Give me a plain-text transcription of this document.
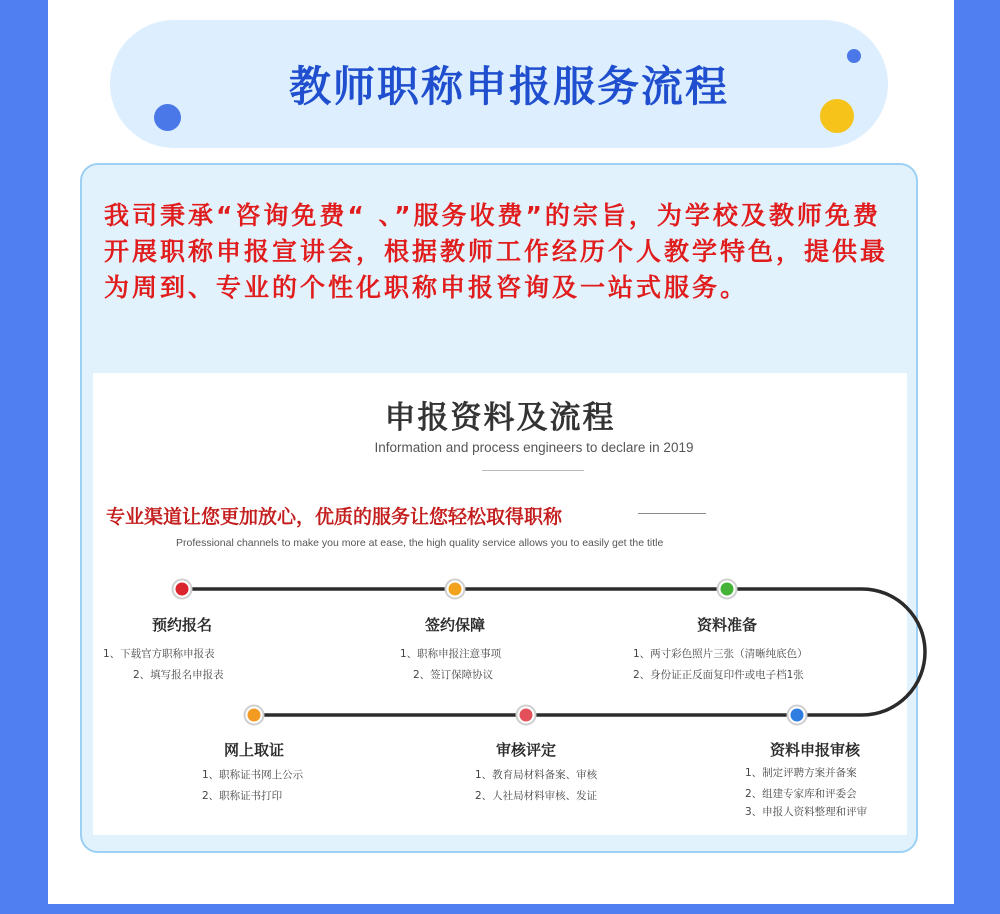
教师职称申报服务流程
我司秉承“咨询免费“ 、”服务收费”的宗旨，为学校及教师免费开展职称申报宣讲会，根据教师工作经历个人教学特色，提供最为周到、专业的个性化职称申报咨询及一站式服务。
申报资料及流程
Information and process engineers to declare in 2019
专业渠道让您更加放心，优质的服务让您轻松取得职称
Professional channels to make you more at ease, the high quality service allows you to easily get the title
预约报名
1、下载官方职称申报表
2、填写报名申报表
签约保障
1、职称申报注意事项
2、签订保障协议
资料准备
1、两寸彩色照片三张（清晰纯底色）
2、身份证正反面复印件或电子档1张
资料申报审核
1、制定评聘方案并备案
2、组建专家库和评委会
3、申报人资料整理和评审
审核评定
1、教育局材料备案、审核
2、人社局材料审核、发证
网上取证
1、职称证书网上公示
2、职称证书打印
